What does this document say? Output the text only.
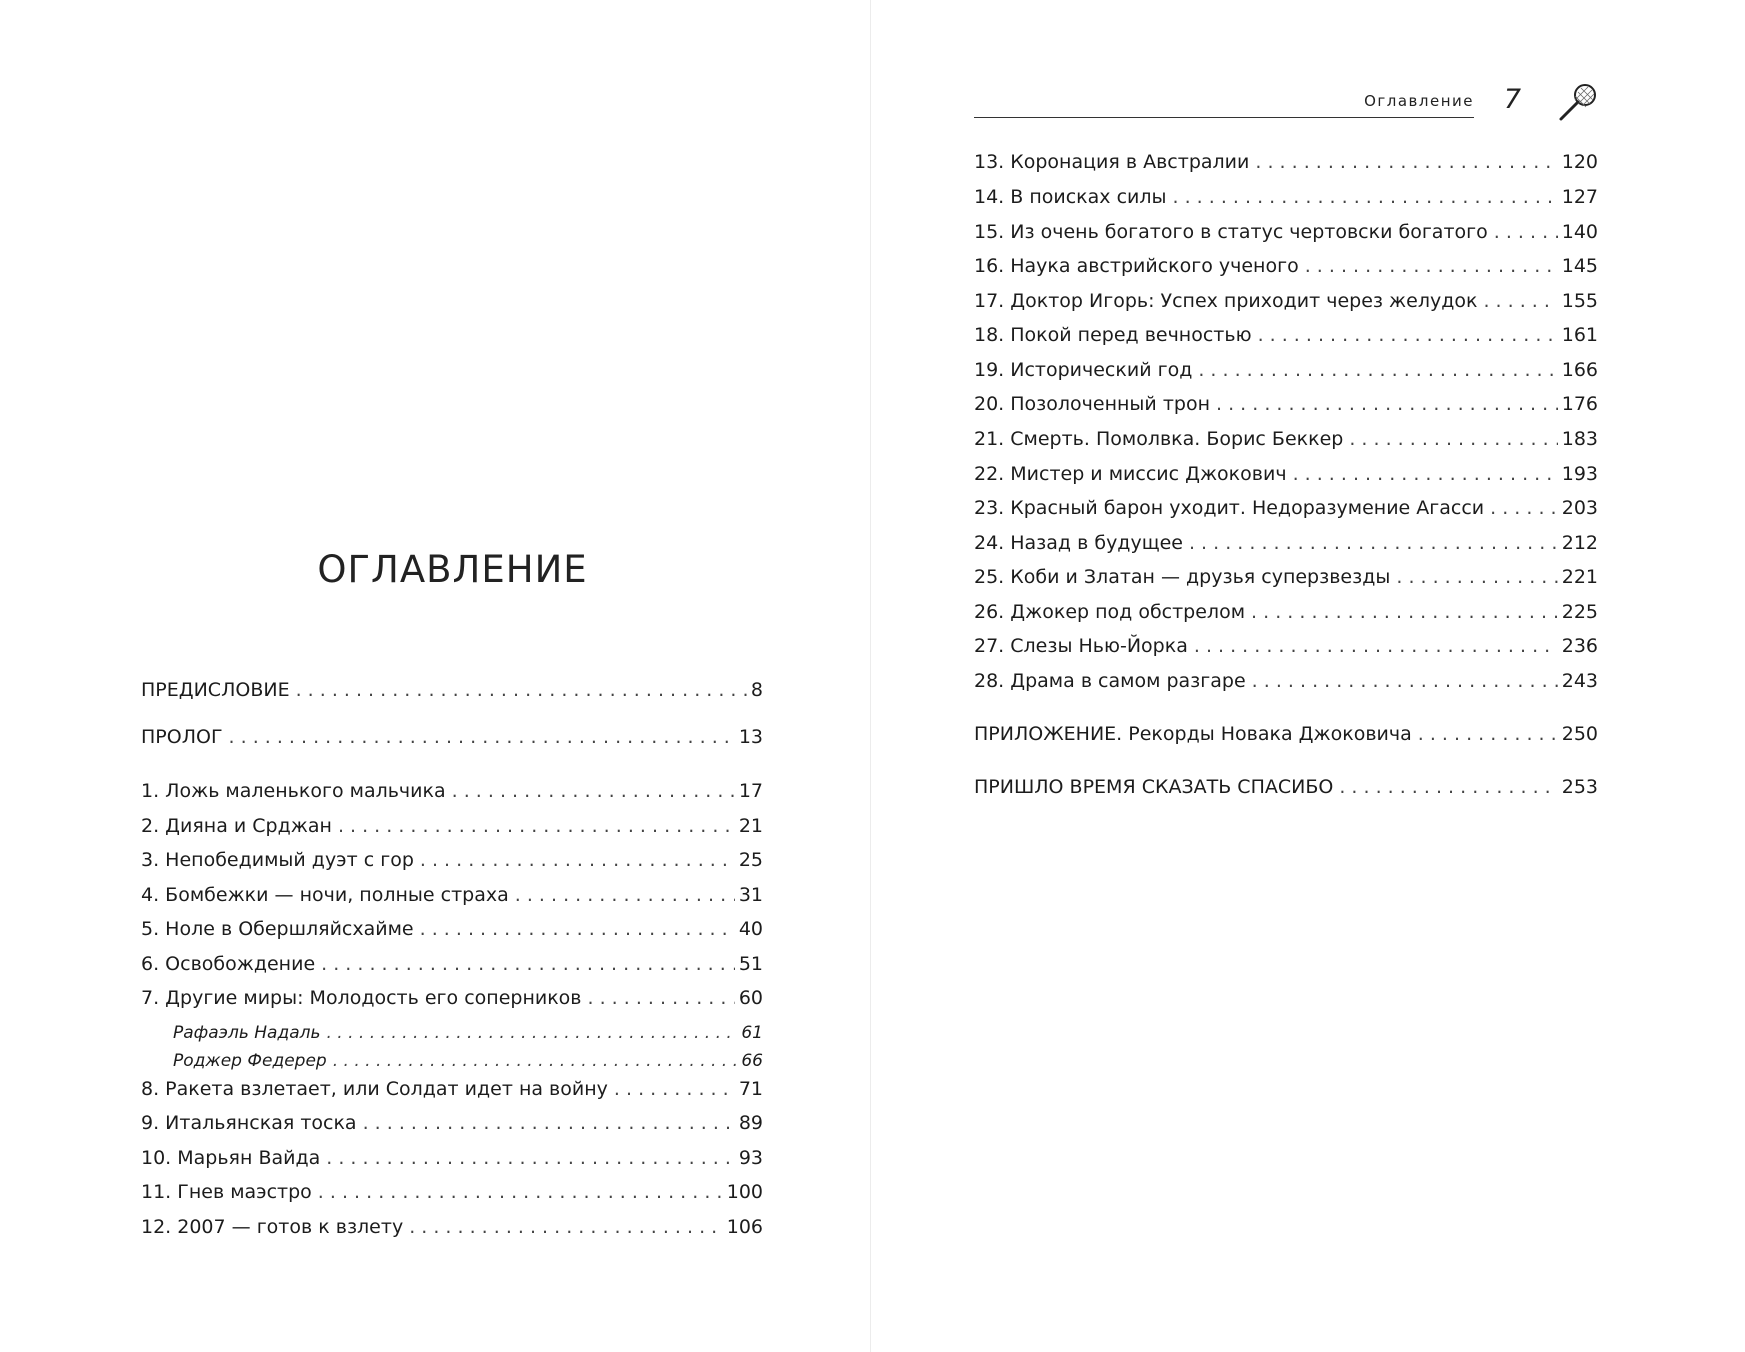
ОГЛАВЛЕНИЕ
ПРЕДИСЛОВИЕ . . .	8
ПРОЛОГ . . .	13
1. Ложь маленького мальчика . . .	17
2. Дияна и Срджан . . .	21
3. Непобедимый дуэт с гор . . .	25
4. Бомбежки — ночи, полные страха . . .	31
5. Ноле в Обершляйсхайме . . .	40
6. Освобождение . . .	51
7. Другие миры: Молодость его соперников . . .	60
Рафаэль Надаль . . .	61
Роджер Федерер . . .	66
8. Ракета взлетает, или Солдат идет на войну . . .	71
9. Итальянская тоска . . .	89
10. Марьян Вайда . . .	93
11. Гнев маэстро . . .	100
12. 2007 — готов к взлету . . .	106
Оглавление 7
13. Коронация в Австралии . . .	120
14. В поисках силы . . .	127
15. Из очень богатого в статус чертовски богатого . . .	140
16. Наука австрийского ученого . . .	145
17. Доктор Игорь: Успех приходит через желудок . . .	155
18. Покой перед вечностью . . .	161
19. Исторический год . . .	166
20. Позолоченный трон . . .	176
21. Смерть. Помолвка. Борис Беккер . . .	183
22. Мистер и миссис Джокович . . .	193
23. Красный барон уходит. Недоразумение Агасси . . .	203
24. Назад в будущее . . .	212
25. Коби и Златан — друзья суперзвезды . . .	221
26. Джокер под обстрелом . . .	225
27. Слезы Нью-Йорка . . .	236
28. Драма в самом разгаре . . .	243
ПРИЛОЖЕНИЕ. Рекорды Новака Джоковича . . .	250
ПРИШЛО ВРЕМЯ СКАЗАТЬ СПАСИБО . . .	253
